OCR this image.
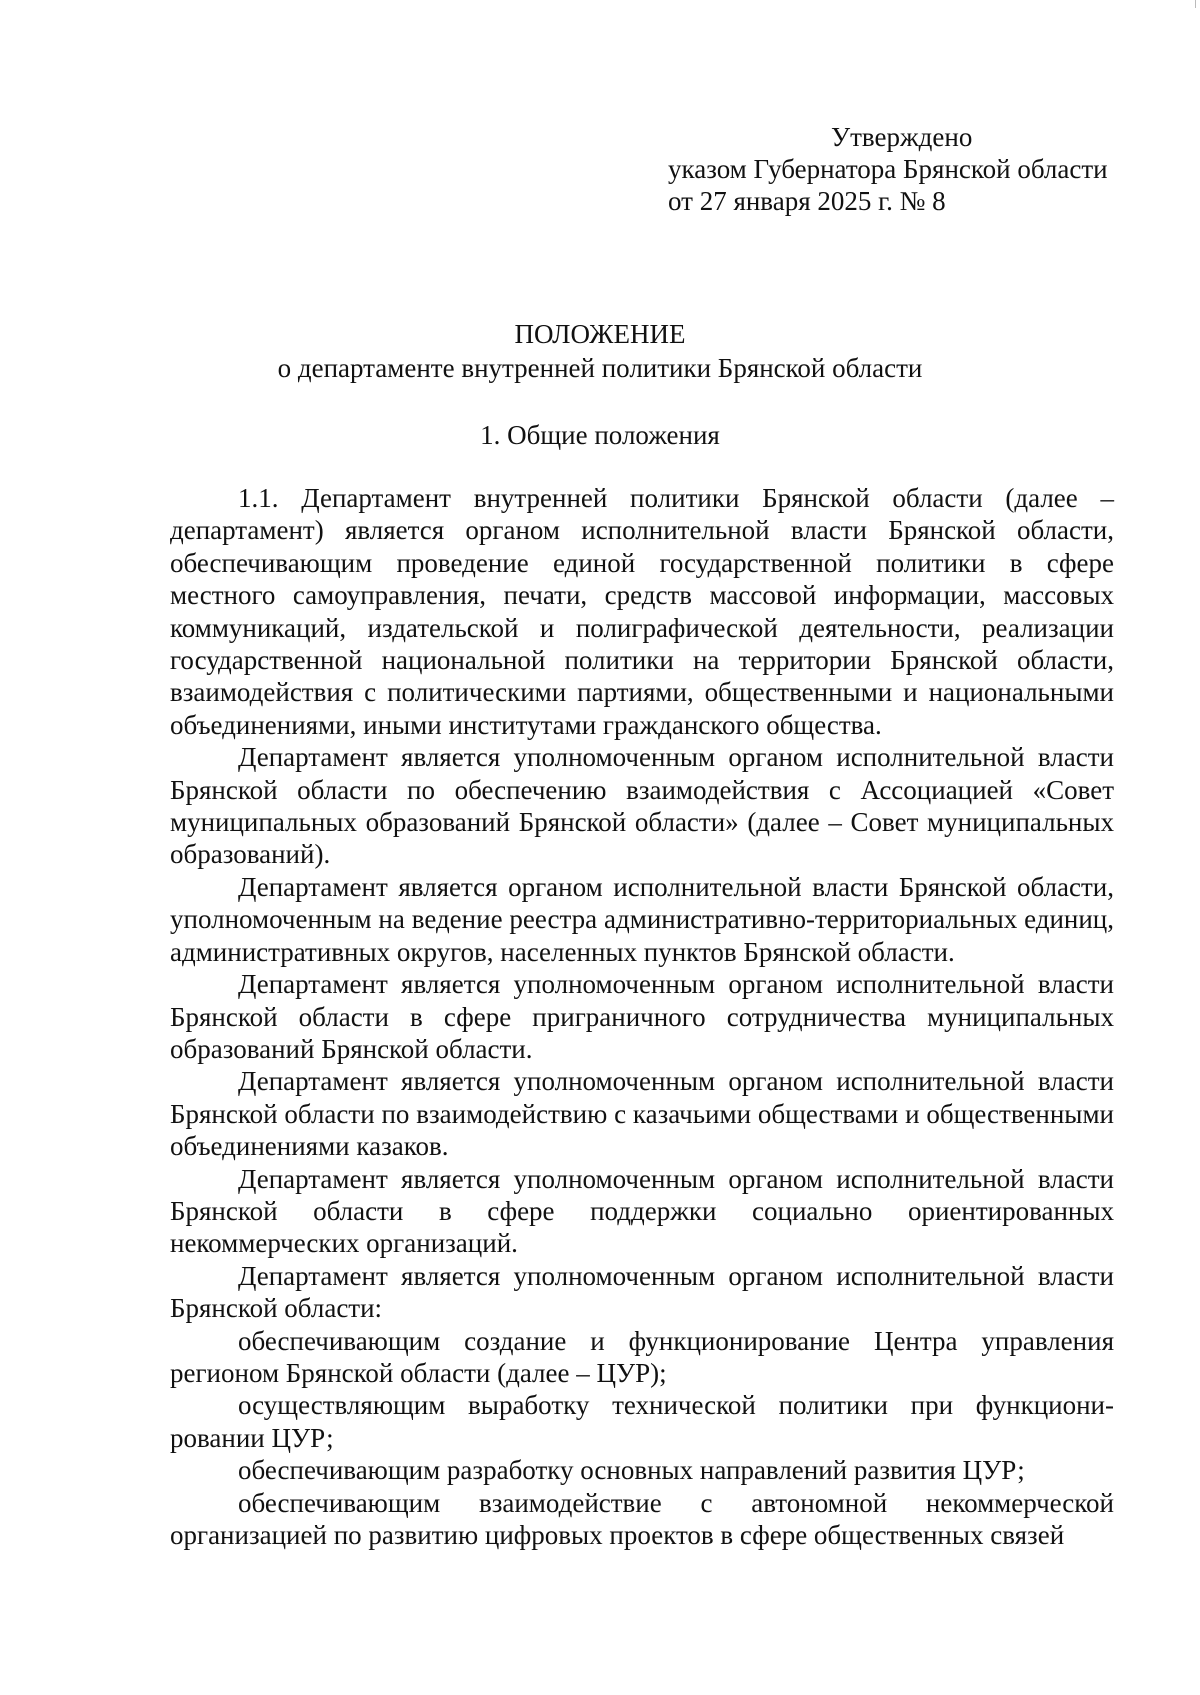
Утверждено
указом Губернатора Брянской области
от 27 января 2025 г. № 8
ПОЛОЖЕНИЕ
о департаменте внутренней политики Брянской области
1. Общие положения

1.1. Департамент внутренней политики Брянской области (далее – департамент) является органом исполнительной власти Брянской области, обеспечивающим проведение единой государственной политики в сфере местного самоуправления, печати, средств массовой информации, массовых коммуникаций, издательской и полиграфической деятельности, реализации государственной национальной политики на территории Брянской области, взаимодействия с политическими партиями, общественными и национальными объединениями, иными институтами гражданского общества.

Департамент является уполномоченным органом исполнительной власти Брянской области по обеспечению взаимодействия с Ассоциацией «Совет муниципальных образований Брянской области» (далее – Совет муниципальных образований).

Департамент является органом исполнительной власти Брянской области, уполномоченным на ведение реестра административно-территориальных единиц, административных округов, населенных пунктов Брянской области.

Департамент является уполномоченным органом исполнительной власти Брянской области в сфере приграничного сотрудничества муниципальных образований Брянской области.

Департамент является уполномоченным органом исполнительной власти Брянской области по взаимодействию с казачьими обществами и общественными объединениями казаков.

Департамент является уполномоченным органом исполнительной власти Брянской области в сфере поддержки социально ориентированных некоммерческих организаций.

Департамент является уполномоченным органом исполнительной власти Брянской области:

обеспечивающим создание и функционирование Центра управления регионом Брянской области (далее – ЦУР);

осуществляющим выработку технической политики при функционировании ЦУР;

обеспечивающим разработку основных направлений развития ЦУР;

обеспечивающим взаимодействие с автономной некоммерческой организацией по развитию цифровых проектов в сфере общественных связей
